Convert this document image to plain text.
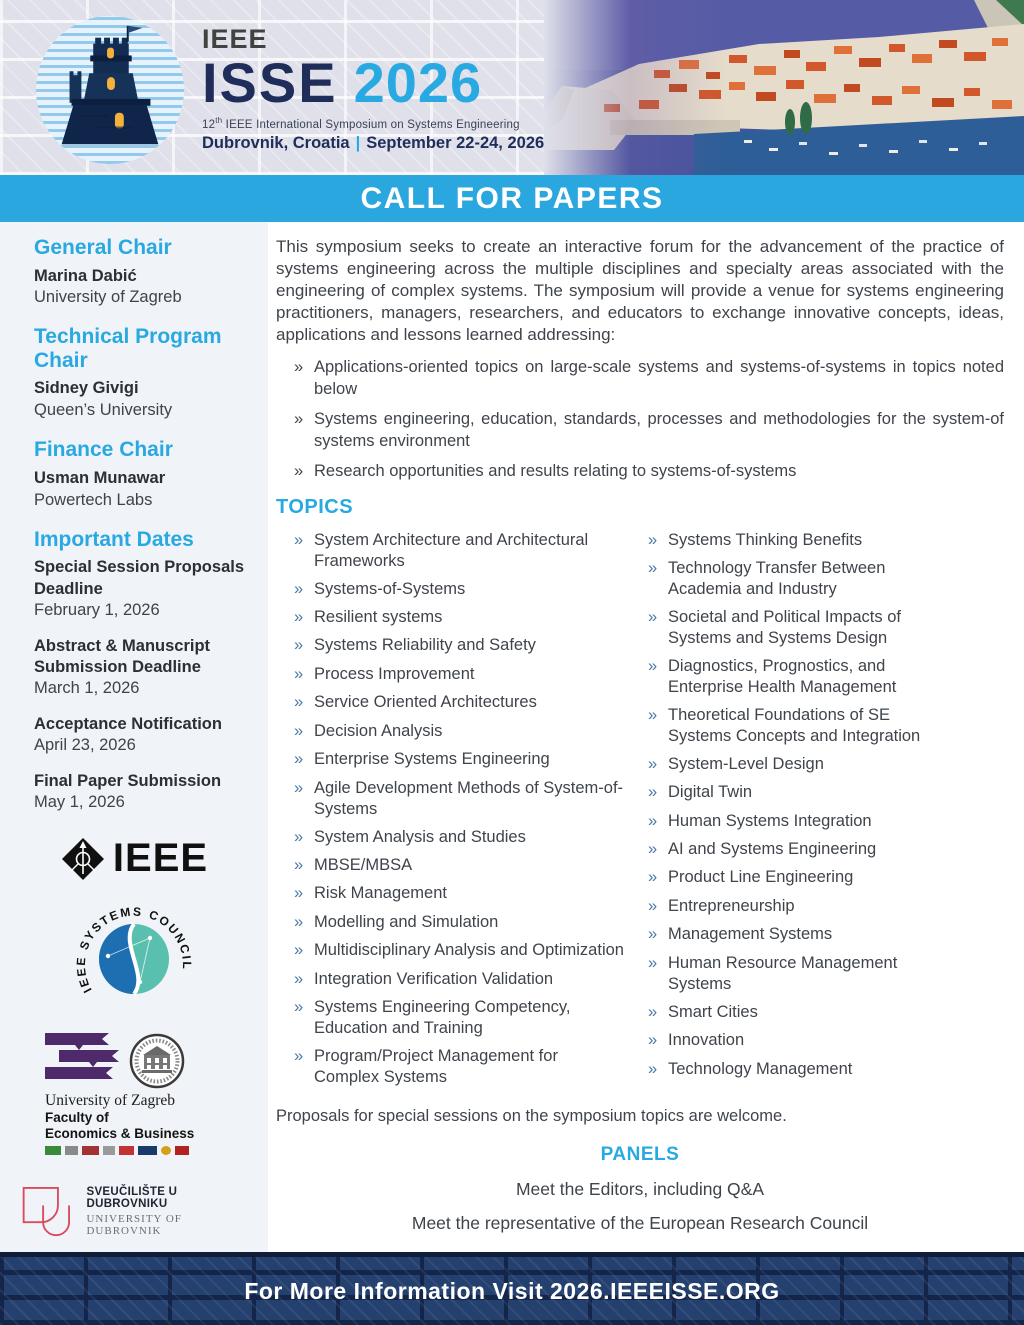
IEEE
ISSE 2026
12th IEEE International Symposium on Systems Engineering
Dubrovnik, Croatia | September 22-24, 2026
CALL FOR PAPERS
General Chair
Marina Dabić
University of Zagreb
Technical Program Chair
Sidney Givigi
Queen’s University
Finance Chair
Usman Munawar
Powertech Labs
Important Dates
Special Session Proposals Deadline
February 1, 2026
Abstract & Manuscript Submission Deadline
March 1, 2026
Acceptance Notification
April 23, 2026
Final Paper Submission
May 1, 2026
IEEE
IEEE SYSTEMS COUNCIL
University of Zagreb
Faculty of
Economics & Business
SVEUČILIŠTE U DUBROVNIKU
UNIVERSITY OF DUBROVNIK

This symposium seeks to create an interactive forum for the advancement of the practice of systems engineering across the multiple disciplines and specialty areas associated with the engineering of complex systems. The symposium will provide a venue for systems engineering practitioners, managers, researchers, and educators to exchange innovative concepts, ideas, applications and lessons learned addressing:

» Applications-oriented topics on large-scale systems and systems-of-systems in topics noted below
» Systems engineering, education, standards, processes and methodologies for the system-of systems environment
» Research opportunities and results relating to systems-of-systems
TOPICS
» System Architecture and Architectural Frameworks
» Systems-of-Systems
» Resilient systems
» Systems Reliability and Safety
» Process Improvement
» Service Oriented Architectures
» Decision Analysis
» Enterprise Systems Engineering
» Agile Development Methods of System-of-Systems
» System Analysis and Studies
» MBSE/MBSA
» Risk Management
» Modelling and Simulation
» Multidisciplinary Analysis and Optimization
» Integration Verification Validation
» Systems Engineering Competency, Education and Training
» Program/Project Management for Complex Systems
» Systems Thinking Benefits
» Technology Transfer Between Academia and Industry
» Societal and Political Impacts of Systems and Systems Design
» Diagnostics, Prognostics, and Enterprise Health Management
» Theoretical Foundations of SE Systems Concepts and Integration
» System-Level Design
» Digital Twin
» Human Systems Integration
» AI and Systems Engineering
» Product Line Engineering
» Entrepreneurship
» Management Systems
» Human Resource Management Systems
» Smart Cities
» Innovation
» Technology Management

Proposals for special sessions on the symposium topics are welcome.

PANELS
Meet the Editors, including Q&A
Meet the representative of the European Research Council
For More Information Visit 2026.IEEEISSE.ORG
